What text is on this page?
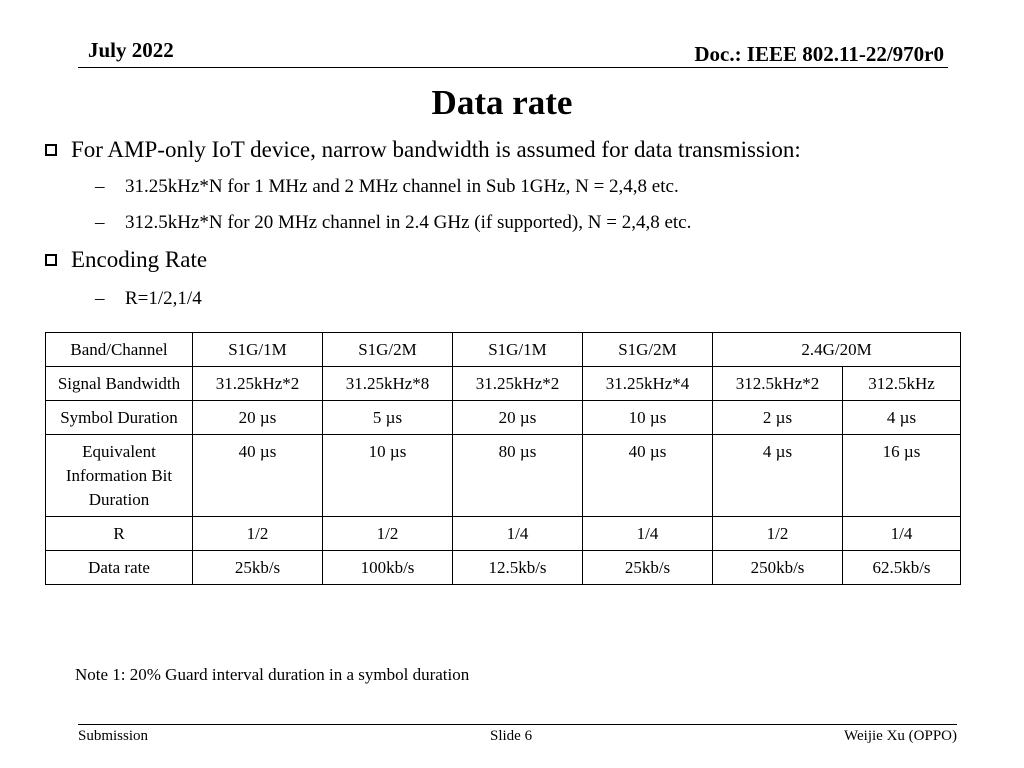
July 2022	Doc.: IEEE 802.11-22/970r0
Data rate
For AMP-only IoT device, narrow bandwidth is assumed for data transmission:
–	31.25kHz*N for 1 MHz and 2 MHz channel in Sub 1GHz, N = 2,4,8 etc.
–	312.5kHz*N for 20 MHz channel in 2.4 GHz (if supported), N = 2,4,8 etc.
Encoding Rate
–	R=1/2,1/4
Band/Channel	S1G/1M	S1G/2M	S1G/1M	S1G/2M	2.4G/20M	
Signal Bandwidth	31.25kHz*2	31.25kHz*8	31.25kHz*2	31.25kHz*4	312.5kHz*2	312.5kHz
Symbol Duration	20 µs	5 µs	20 µs	10 µs	2 µs	4 µs
Equivalent Information Bit Duration	40 µs	10 µs	80 µs	40 µs	4 µs	16 µs
R	1/2	1/2	1/4	1/4	1/2	1/4
Data rate	25kb/s	100kb/s	12.5kb/s	25kb/s	250kb/s	62.5kb/s
Note 1: 20% Guard interval duration in a symbol duration
Submission	Slide 6	Weijie Xu (OPPO)
